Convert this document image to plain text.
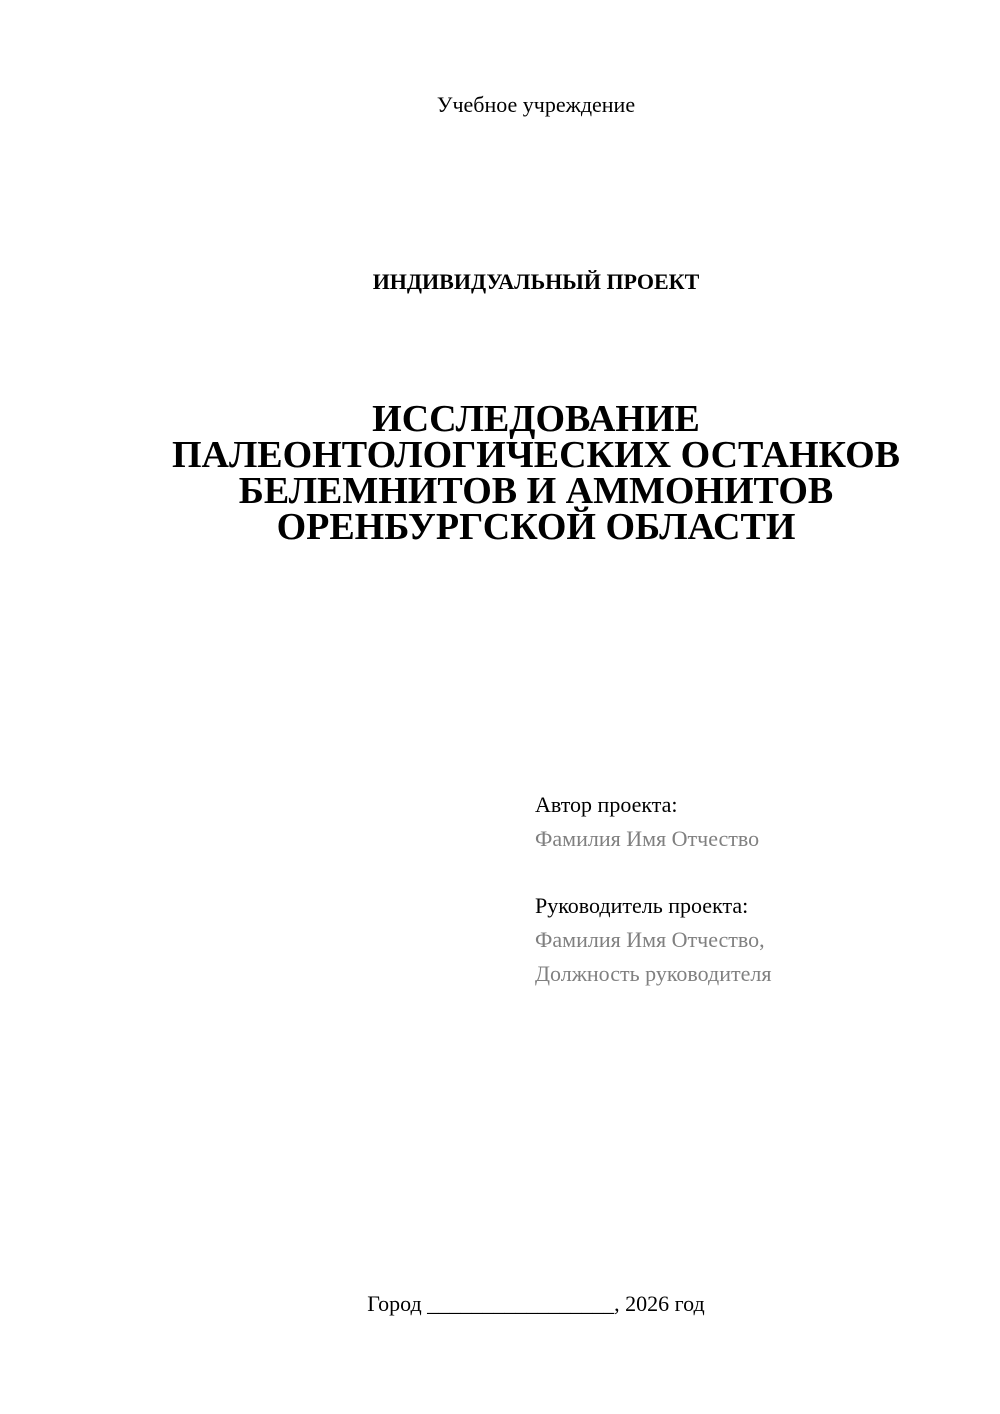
Учебное учреждение
ИНДИВИДУАЛЬНЫЙ ПРОЕКТ
ИССЛЕДОВАНИЕ
ПАЛЕОНТОЛОГИЧЕСКИХ ОСТАНКОВ
БЕЛЕМНИТОВ И АММОНИТОВ
ОРЕНБУРГСКОЙ ОБЛАСТИ
Автор проекта:
Фамилия Имя Отчество
Руководитель проекта:
Фамилия Имя Отчество,
Должность руководителя
Город _________________, 2026 год
